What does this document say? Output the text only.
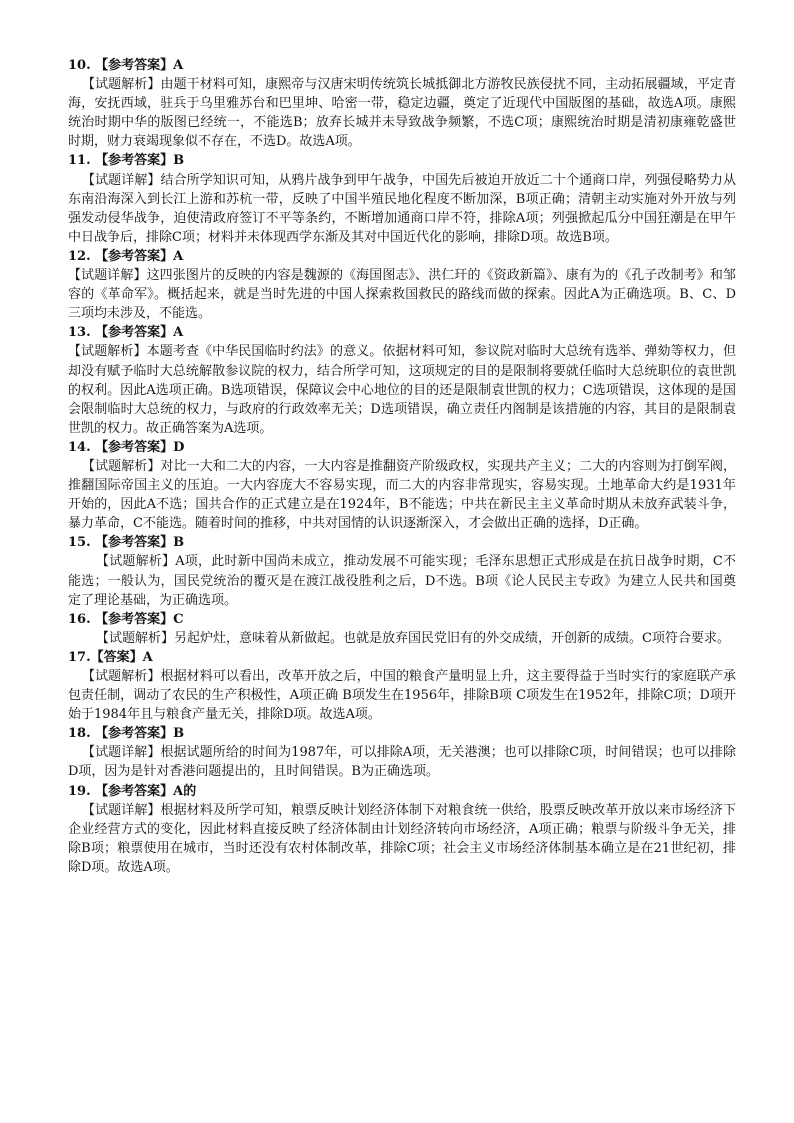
10. 【参考答案】A
【试题解析】由题干材料可知，康熙帝与汉唐宋明传统筑长城抵御北方游牧民族侵扰不同，主动拓展疆域，平定青海，安抚西域，驻兵于乌里雅苏台和巴里坤、哈密一带，稳定边疆，奠定了近现代中国版图的基础，故选A项。康熙统治时期中华的版图已经统一，不能选B；放弃长城并未导致战争频繁，不选C项；康熙统治时期是清初康雍乾盛世时期，财力衰竭现象似不存在，不选D。故选A项。
11. 【参考答案】B
【试题详解】结合所学知识可知，从鸦片战争到甲午战争，中国先后被迫开放近二十个通商口岸，列强侵略势力从东南沿海深入到长江上游和苏杭一带，反映了中国半殖民地化程度不断加深，B项正确；清朝主动实施对外开放与列强发动侵华战争，迫使清政府签订不平等条约，不断增加通商口岸不符，排除A项；列强掀起瓜分中国狂潮是在甲午中日战争后，排除C项；材料并未体现西学东渐及其对中国近代化的影响，排除D项。故选B项。
12. 【参考答案】A
【试题详解】这四张图片的反映的内容是魏源的《海国图志》、洪仁玕的《资政新篇》、康有为的《孔子改制考》和邹容的《革命军》。概括起来，就是当时先进的中国人探索救国救民的路线而做的探索。因此A为正确选项。B、C、D三项均未涉及，不能选。
13. 【参考答案】A
【试题解析】本题考查《中华民国临时约法》的意义。依据材料可知，参议院对临时大总统有选举、弹劾等权力，但却没有赋予临时大总统解散参议院的权力，结合所学可知，这项规定的目的是限制将要就任临时大总统职位的袁世凯的权利。因此A选项正确。B选项错误，保障议会中心地位的目的还是限制袁世凯的权力；C选项错误，这体现的是国会限制临时大总统的权力，与政府的行政效率无关；D选项错误，确立责任内阁制是该措施的内容，其目的是限制袁世凯的权力。故正确答案为A选项。
14. 【参考答案】D
【试题解析】对比一大和二大的内容，一大内容是推翻资产阶级政权，实现共产主义；二大的内容则为打倒军阀，推翻国际帝国主义的压迫。一大内容庞大不容易实现，而二大的内容非常现实，容易实现。土地革命大约是1931年开始的，因此A不选；国共合作的正式建立是在1924年，B不能选；中共在新民主主义革命时期从未放弃武装斗争，暴力革命，C不能选。随着时间的推移，中共对国情的认识逐渐深入，才会做出正确的选择，D正确。
15. 【参考答案】B
【试题解析】A项，此时新中国尚未成立，推动发展不可能实现；毛泽东思想正式形成是在抗日战争时期，C不能选；一般认为，国民党统治的覆灭是在渡江战役胜利之后，D不选。B项《论人民民主专政》为建立人民共和国奠定了理论基础，为正确选项。
16. 【参考答案】C
【试题解析】另起炉灶，意味着从新做起。也就是放弃国民党旧有的外交成绩，开创新的成绩。C项符合要求。
17.【答案】A
【试题解析】根据材料可以看出，改革开放之后，中国的粮食产量明显上升，这主要得益于当时实行的家庭联产承包责任制，调动了农民的生产积极性，A项正确 B项发生在1956年，排除B项 C项发生在1952年，排除C项；D项开始于1984年且与粮食产量无关，排除D项。故选A项。
18. 【参考答案】B
【试题详解】根据试题所给的时间为1987年，可以排除A项，无关港澳；也可以排除C项，时间错误；也可以排除D项，因为是针对香港问题提出的，且时间错误。B为正确选项。
19. 【参考答案】A的
【试题详解】根据材料及所学可知，粮票反映计划经济体制下对粮食统一供给，股票反映改革开放以来市场经济下企业经营方式的变化，因此材料直接反映了经济体制由计划经济转向市场经济，A项正确；粮票与阶级斗争无关，排除B项；粮票使用在城市，当时还没有农村体制改革，排除C项；社会主义市场经济体制基本确立是在21世纪初，排除D项。故选A项。
